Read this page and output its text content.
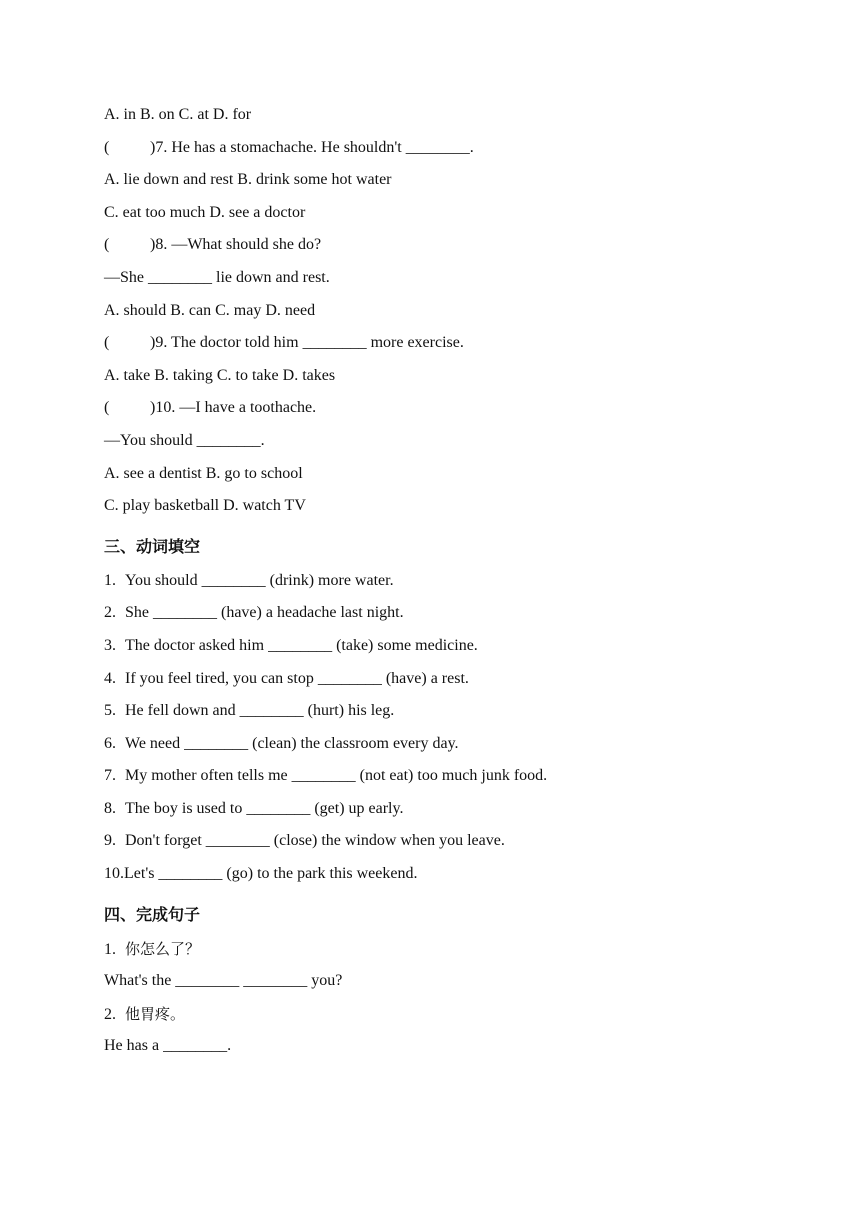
A. in B. on C. at D. for
(	)7. He has a stomachache. He shouldn't ________.
A. lie down and rest B. drink some hot water
C. eat too much D. see a doctor
(	)8. —What should she do?
—She ________ lie down and rest.
A. should B. can C. may D. need
(	)9. The doctor told him ________ more exercise.
A. take B. taking C. to take D. takes
(	)10. —I have a toothache.
—You should ________.
A. see a dentist B. go to school
C. play basketball D. watch TV
三、动词填空
1. You should ________ (drink) more water.
2. She ________ (have) a headache last night.
3. The doctor asked him ________ (take) some medicine.
4. If you feel tired, you can stop ________ (have) a rest.
5. He fell down and ________ (hurt) his leg.
6. We need ________ (clean) the classroom every day.
7. My mother often tells me ________ (not eat) too much junk food.
8. The boy is used to ________ (get) up early.
9. Don't forget ________ (close) the window when you leave.
10.Let's ________ (go) to the park this weekend.
四、完成句子
1. 你怎么了？
What's the ________ ________ you?
2. 他胃疼。
He has a ________.
